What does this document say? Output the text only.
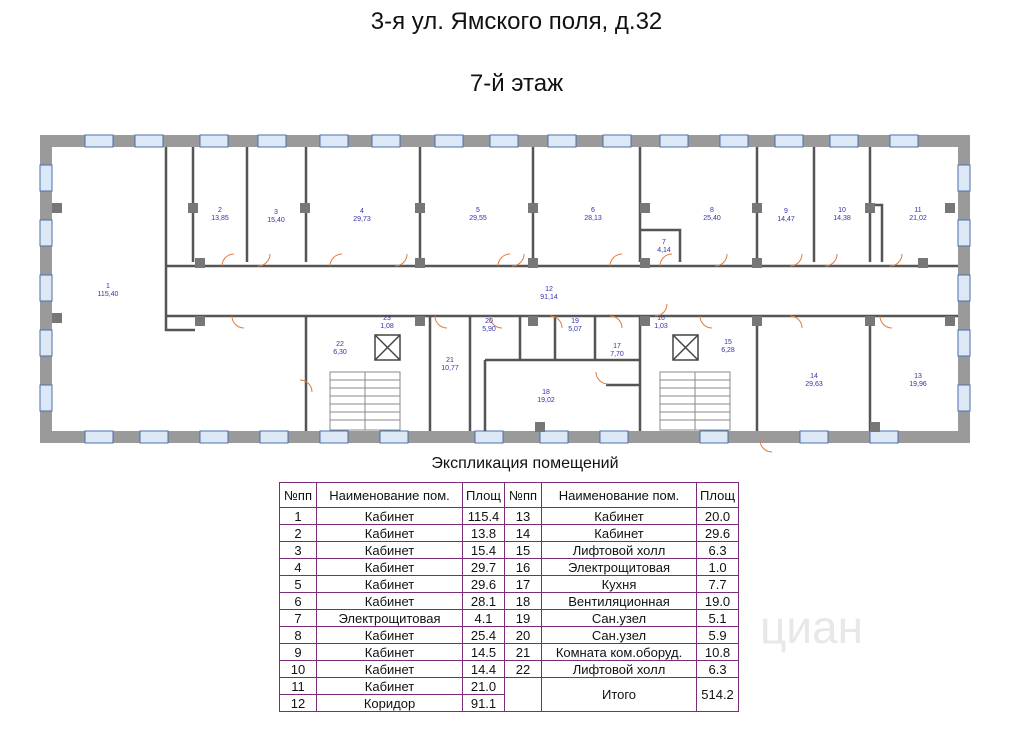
3-я ул. Ямского поля, д.32
7-й этаж
1
115,40
2
13,85
3
15,40
4
29,73
5
29,55
6
28,13
7
4,14
8
25,40
9
14,47
10
14,38
11
21,02
12
91,14
13
19,96
14
29,63
15
6,28
16
1,03
17
7,70
18
19,02
19
5,07
20
5,90
21
10,77
22
6,30
23
1,08
Экспликация помещений
№пп	Наименование пом.	Площ	№пп	Наименование пом.	Площ
1	Кабинет	115.4	13	Кабинет	20.0
2	Кабинет	13.8	14	Кабинет	29.6
3	Кабинет	15.4	15	Лифтовой холл	6.3
4	Кабинет	29.7	16	Электрощитовая	1.0
5	Кабинет	29.6	17	Кухня	7.7
6	Кабинет	28.1	18	Вентиляционная	19.0
7	Электрощитовая	4.1	19	Сан.узел	5.1
8	Кабинет	25.4	20	Сан.узел	5.9
9	Кабинет	14.5	21	Комната ком.оборуд.	10.8
10	Кабинет	14.4	22	Лифтовой холл	6.3
11	Кабинет	21.0		Итого	514.2
12	Коридор	91.1			
циан
